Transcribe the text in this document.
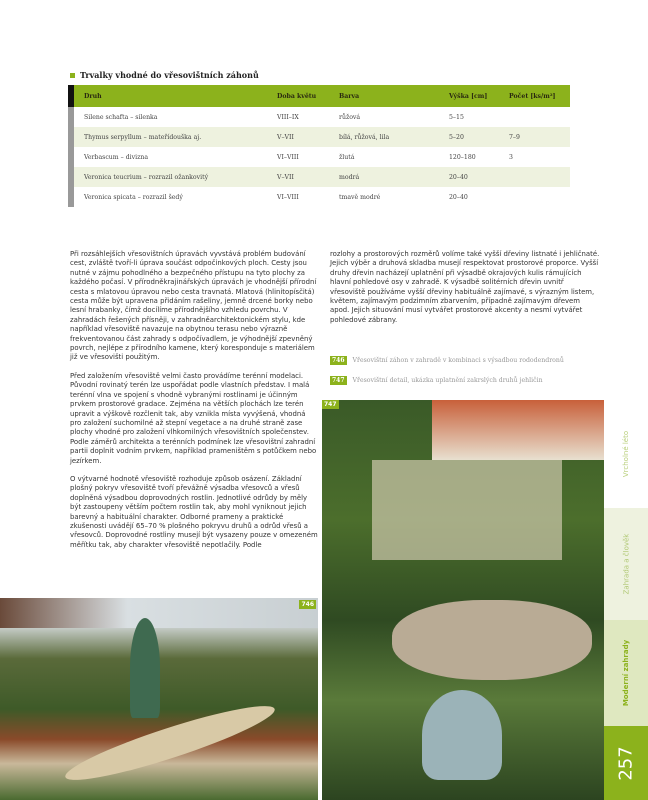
Trvalky vhodné do vřesovištních záhonů
Druh	Doba květu	Barva	Výška [cm]	Počet [ks/m²]
Silene schafta – silenka	VIII–IX	růžová	5–15	
Thymus serpyllum – mateřídouška aj.	V–VII	bílá, růžová, lila	5–20	7–9
Verbascum – divizna	VI–VIII	žlutá	120–180	3
Veronica teucrium – rozrazil ožankovitý	V–VII	modrá	20–40	
Veronica spicata – rozrazil šedý	VI–VIII	tmavě modré	20–40	

Při rozsáhlejších vřesovištních úpravách vyvstává problém budování cest, zvláště tvoří-li úprava součást odpočinkových ploch. Cesty jsou nutné v zájmu pohodlného a bezpečného přístupu na tyto plochy za každého počasí. V přírodněkrajinářských úpravách je vhodnější přírodní cesta s mlatovou úpravou nebo cesta travnatá. Mlatová (hlinitopísčitá) cesta může být upravena přidáním rašeliny, jemně drcené borky nebo lesní hrabanky, čímž docílíme přírodnějšího vzhledu povrchu. V zahradách řešených přísněji, v zahradněarchitektonickém stylu, kde například vřesoviště navazuje na obytnou terasu nebo výrazně frekventovanou část zahrady s odpočívadlem, je výhodnější zpevněný povrch, nejlépe z přírodního kamene, který koresponduje s materiálem již ve vřesovišti použitým.

Před založením vřesoviště velmi často provádíme terénní modelaci. Původní rovinatý terén lze uspořádat podle vlastních představ. I malá terénní vlna ve spojení s vhodně vybranými rostlinami je účinným prvkem prostorové gradace. Zejména na větších plochách lze terén upravit a výškově rozčlenit tak, aby vznikla místa vyvýšená, vhodná pro založení suchomilné až stepní vegetace a na druhé straně zase plochy vhodné pro založení vlhkomilných vřesovištních společenstev. Podle záměrů architekta a terénních podmínek lze vřesovištní zahradní partii doplnit vodním prvkem, například prameništěm s potůčkem nebo jezírkem.

O výtvarné hodnotě vřesoviště rozhoduje způsob osázení. Základní plošný pokryv vřesoviště tvoří převážně výsadba vřesovců a vřesů doplněná výsadbou doprovodných rostlin. Jednotlivé odrůdy by měly být zastoupeny větším počtem rostlin tak, aby mohl vyniknout jejich barevný a habituální charakter. Odborné prameny a praktické zkušenosti uvádějí 65–70 % plošného pokryvu druhů a odrůd vřesů a vřesovců. Doprovodné rostliny musejí být vysazeny pouze v omezeném měřítku tak, aby charakter vřesoviště nepotlačily. Podle

rozlohy a prostorových rozměrů volíme také vyšší dřeviny listnaté i jehličnaté. Jejich výběr a druhová skladba musejí respektovat prostorové proporce. Vyšší druhy dřevin nacházejí uplatnění při výsadbě okrajových kulis rámujících hlavní pohledové osy v zahradě. K výsadbě solitérních dřevin uvnitř vřesoviště používáme vyšší dřeviny habituálně zajímavé, s výrazným listem, květem, zajímavým podzimním zbarvením, případně zajímavým dřevem apod. Jejich situování musí vytvářet prostorové akcenty a nesmí vytvářet pohledové zábrany.

746	Vřesovištní záhon v zahradě v kombinaci s výsadbou rododendronů
747	Vřesovištní detail, ukázka uplatnění zakrslých druhů jehličin
746
747
Vrcholné léto
Zahrada a člověk
Moderní zahrady
257
